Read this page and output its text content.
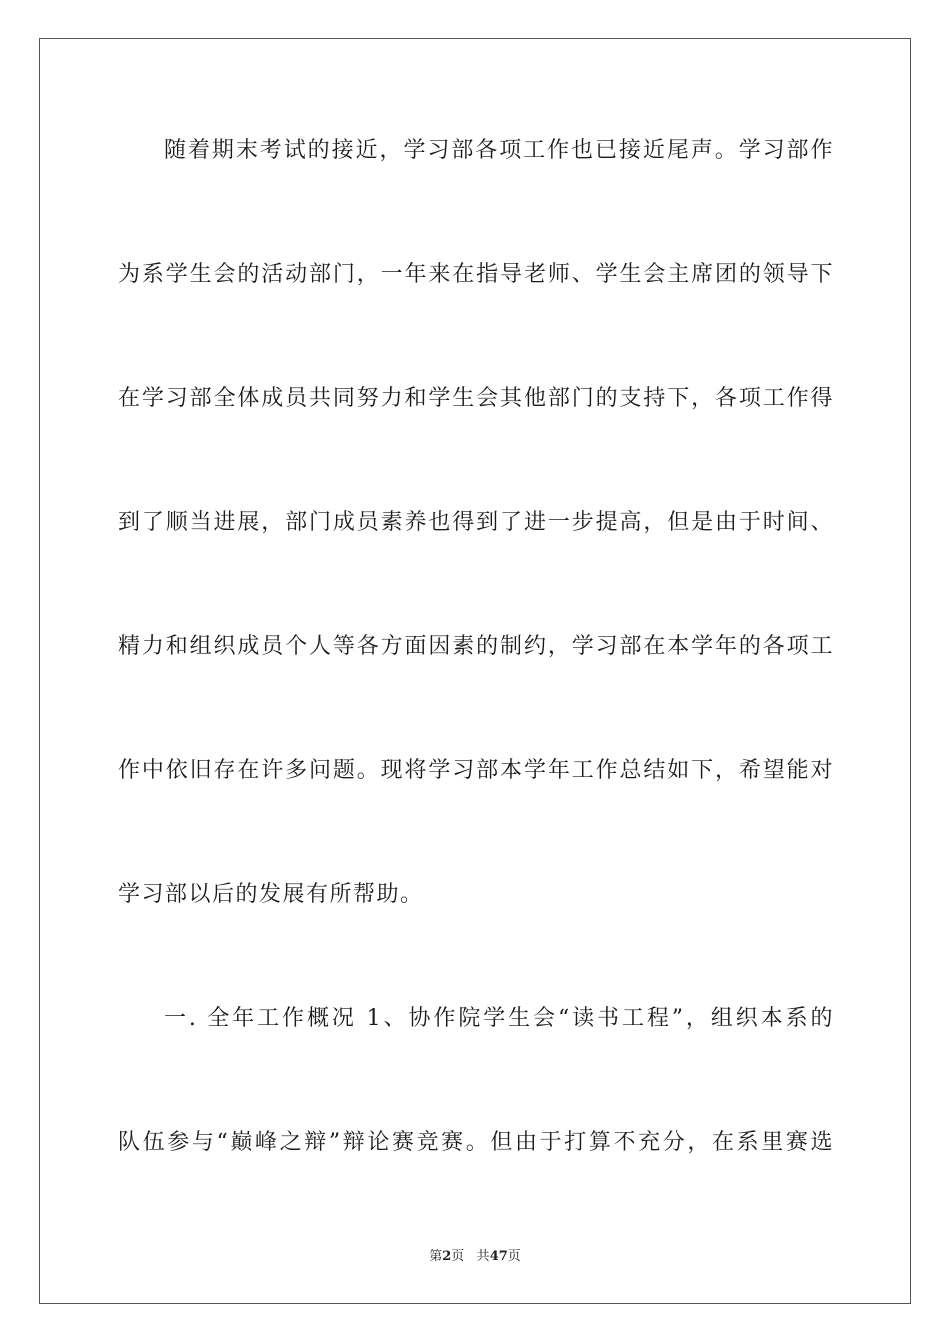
随着期末考试的接近，学习部各项工作也已接近尾声。学习部作
为系学生会的活动部门，一年来在指导老师、学生会主席团的领导下
在学习部全体成员共同努力和学生会其他部门的支持下，各项工作得
到了顺当进展，部门成员素养也得到了进一步提高，但是由于时间、
精力和组织成员个人等各方面因素的制约，学习部在本学年的各项工
作中依旧存在许多问题。现将学习部本学年工作总结如下，希望能对
学习部以后的发展有所帮助。
一. 全年工作概况 1、协作院学生会“读书工程”，组织本系的
队伍参与“巅峰之辩”辩论赛竞赛。但由于打算不充分，在系里赛选
第2页 共47页
